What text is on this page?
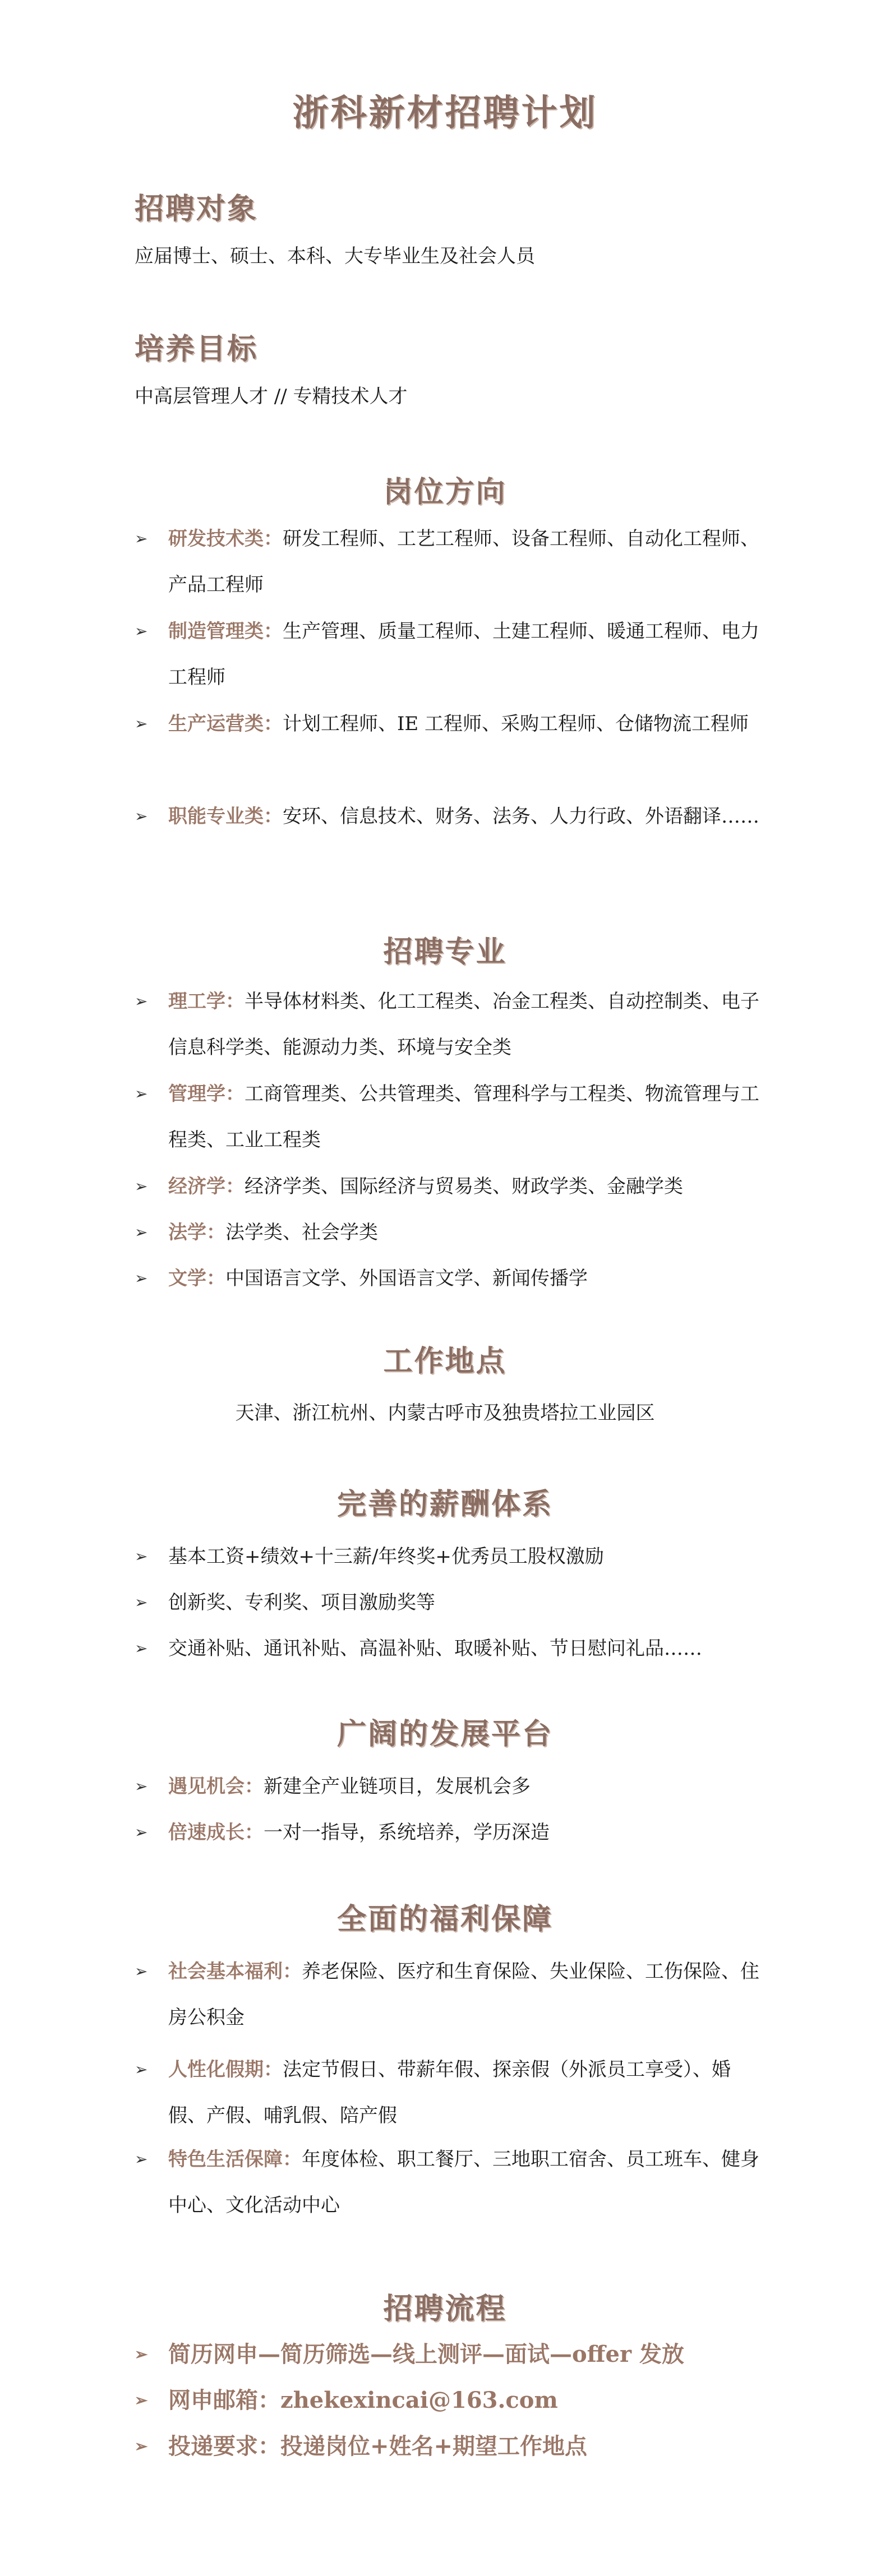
浙科新材招聘计划
招聘对象
应届博士、硕士、本科、大专毕业生及社会人员
培养目标
中高层管理人才 // 专精技术人才
岗位方向
➢ 研发技术类：研发工程师、工艺工程师、设备工程师、自动化工程师、产品工程师
➢ 制造管理类：生产管理、质量工程师、土建工程师、暖通工程师、电力工程师
➢ 生产运营类：计划工程师、IE 工程师、采购工程师、仓储物流工程师
➢ 职能专业类：安环、信息技术、财务、法务、人力行政、外语翻译……
招聘专业
➢ 理工学：半导体材料类、化工工程类、冶金工程类、自动控制类、电子信息科学类、能源动力类、环境与安全类
➢ 管理学：工商管理类、公共管理类、管理科学与工程类、物流管理与工程类、工业工程类
➢ 经济学：经济学类、国际经济与贸易类、财政学类、金融学类
➢ 法学：法学类、社会学类
➢ 文学：中国语言文学、外国语言文学、新闻传播学
工作地点
天津、浙江杭州、内蒙古呼市及独贵塔拉工业园区
完善的薪酬体系
➢ 基本工资+绩效+十三薪/年终奖+优秀员工股权激励
➢ 创新奖、专利奖、项目激励奖等
➢ 交通补贴、通讯补贴、高温补贴、取暖补贴、节日慰问礼品……
广阔的发展平台
➢ 遇见机会：新建全产业链项目，发展机会多
➢ 倍速成长：一对一指导，系统培养，学历深造
全面的福利保障
➢ 社会基本福利：养老保险、医疗和生育保险、失业保险、工伤保险、住房公积金
➢ 人性化假期：法定节假日、带薪年假、探亲假（外派员工享受）、婚假、产假、哺乳假、陪产假
➢ 特色生活保障：年度体检、职工餐厅、三地职工宿舍、员工班车、健身中心、文化活动中心
招聘流程
➢ 简历网申—简历筛选—线上测评—面试—offer 发放
➢ 网申邮箱：zhekexincai@163.com
➢ 投递要求：投递岗位+姓名+期望工作地点
